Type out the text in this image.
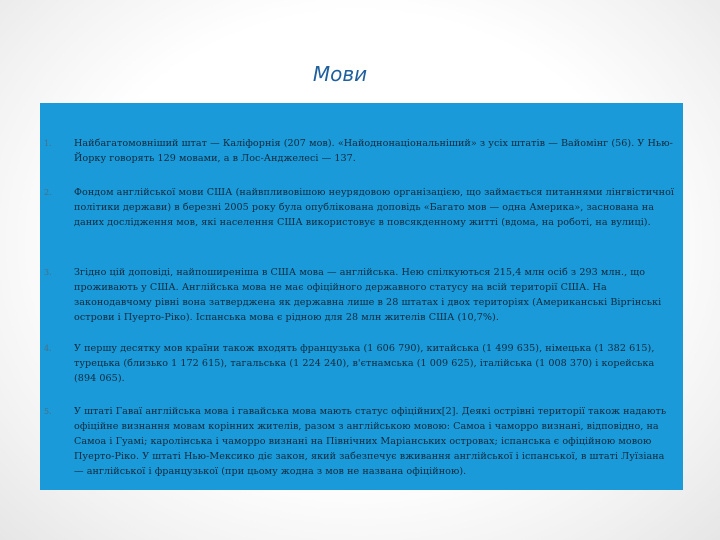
Мови
1.	Найбагатомовніший штат — Каліфорнія (207 мов). «Найоднонаціональніший» з усіх штатів — Вайомінг (56). У Нью-Йорку говорять 129 мовами, а в Лос-Анджелесі — 137.
2.	Фондом англійської мови США (найвпливовішою неурядовою організацією, що займається питаннями лінгвістичної політики держави) в березні 2005 року була опублікована доповідь «Багато мов — одна Америка», заснована на даних дослідження мов, які населення США використовує в повсякденному житті (вдома, на роботі, на вулиці).
3.	Згідно цій доповіді, найпоширеніша в США мова — англійська. Нею спілкуються 215,4 млн осіб з 293 млн., що проживають у США. Англійська мова не має офіційного державного статусу на всій території США. На законодавчому рівні вона затверджена як державна лише в 28 штатах і двох територіях (Американські Віргінські острови і Пуерто-Ріко). Іспанська мова є рідною для 28 млн жителів США (10,7%).
4.	У першу десятку мов країни також входять французька (1 606 790), китайська (1 499 635), німецька (1 382 615), турецька (близько 1 172 615), тагальська (1 224 240), в'єтнамська (1 009 625), італійська (1 008 370) і корейська (894 065).
5.	У штаті Гаваї англійська мова і гавайська мова мають статус офіційних[2]. Деякі острівні території також надають офіційне визнання мовам корінних жителів, разом з англійською мовою: Самоа і чаморро визнані, відповідно, на Самоа і Гуамі; каролінська і чаморро визнані на Північних Маріанських островах; іспанська є офіційною мовою Пуерто-Ріко. У штаті Нью-Мексико діє закон, який забезпечує вживання англійської і іспанської, в штаті Луїзіана — англійської і французької (при цьому жодна з мов не названа офіційною).
